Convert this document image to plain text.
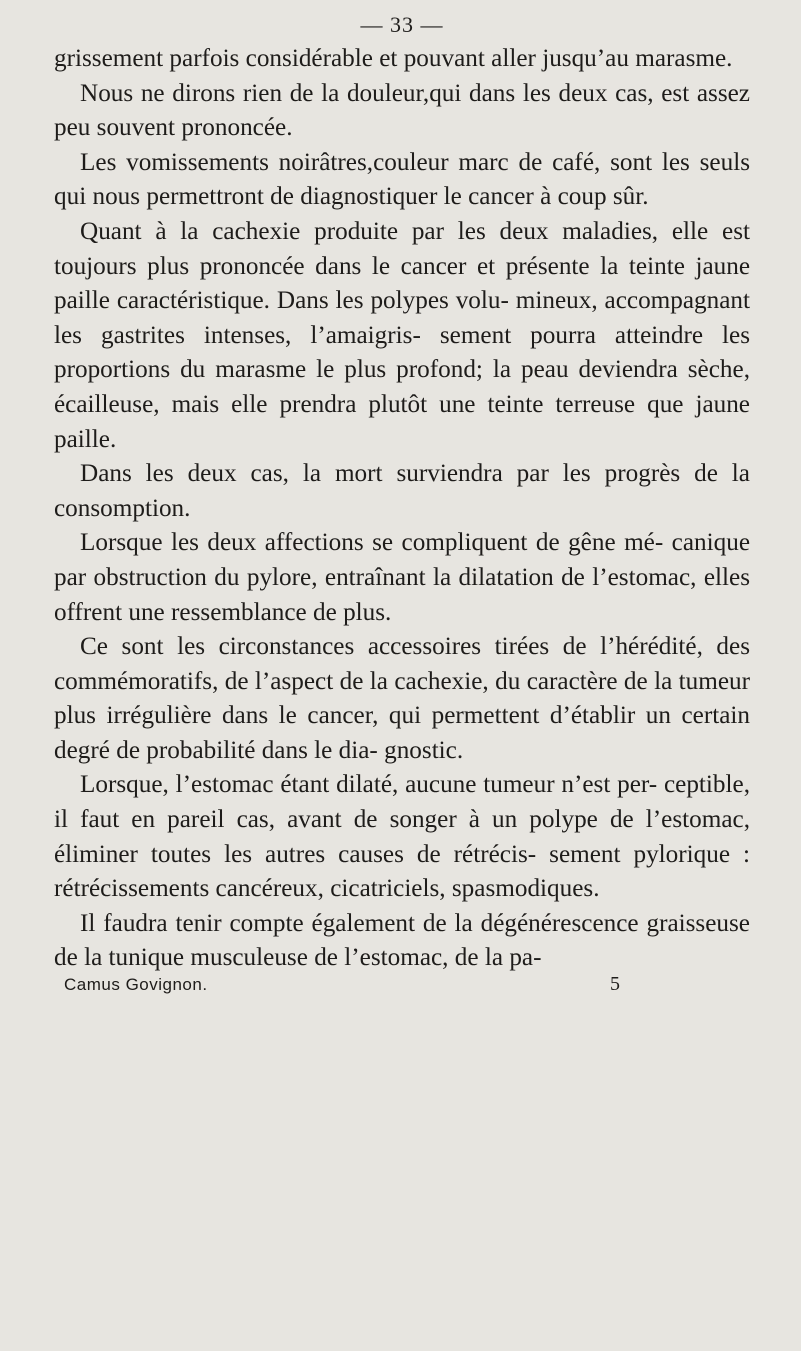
— 33 —

grissement parfois considérable et pouvant aller jusqu’au marasme.

Nous ne dirons rien de la douleur,qui dans les deux cas, est assez peu souvent prononcée.

Les vomissements noirâtres,couleur marc de café, sont les seuls qui nous permettront de diagnostiquer le cancer à coup sûr.

Quant à la cachexie produite par les deux maladies, elle est toujours plus prononcée dans le cancer et présente la teinte jaune paille caractéristique. Dans les polypes volu- mineux, accompagnant les gastrites intenses, l’amaigris- sement pourra atteindre les proportions du marasme le plus profond; la peau deviendra sèche, écailleuse, mais elle prendra plutôt une teinte terreuse que jaune paille.

Dans les deux cas, la mort surviendra par les progrès de la consomption.

Lorsque les deux affections se compliquent de gêne mé- canique par obstruction du pylore, entraînant la dilatation de l’estomac, elles offrent une ressemblance de plus.

Ce sont les circonstances accessoires tirées de l’hérédité, des commémoratifs, de l’aspect de la cachexie, du caractère de la tumeur plus irrégulière dans le cancer, qui permettent d’établir un certain degré de probabilité dans le dia- gnostic.

Lorsque, l’estomac étant dilaté, aucune tumeur n’est per- ceptible, il faut en pareil cas, avant de songer à un polype de l’estomac, éliminer toutes les autres causes de rétrécis- sement pylorique : rétrécissements cancéreux, cicatriciels, spasmodiques.

Il faudra tenir compte également de la dégénérescence graisseuse de la tunique musculeuse de l’estomac, de la pa-

Camus Govignon.	5
